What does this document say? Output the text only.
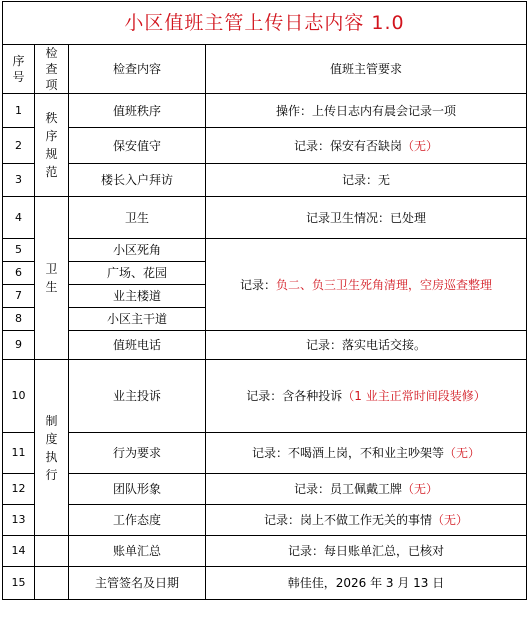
小区值班主管上传日志内容 1.0			
序号	检查项	检查内容	值班主管要求
1	秩序规范	值班秩序	操作：上传日志内有晨会记录一项
2		保安值守	记录：保安有否缺岗（无）
3		楼长入户拜访	记录：无
4	卫生	卫生	记录卫生情况：已处理
5		小区死角	记录：负二、负三卫生死角清理，空房巡查整理
6		广场、花园	
7		业主楼道	
8		小区主干道	
9		值班电话	记录：落实电话交接。
10	制度执行	业主投诉	记录：含各种投诉（1 业主正常时间段装修）
11		行为要求	记录：不喝酒上岗，不和业主吵架等（无）
12		团队形象	记录：员工佩戴工牌（无）
13		工作态度	记录：岗上不做工作无关的事情（无）
14		账单汇总	记录：每日账单汇总，已核对
15		主管签名及日期	韩佳佳，2026 年 3 月 13 日
